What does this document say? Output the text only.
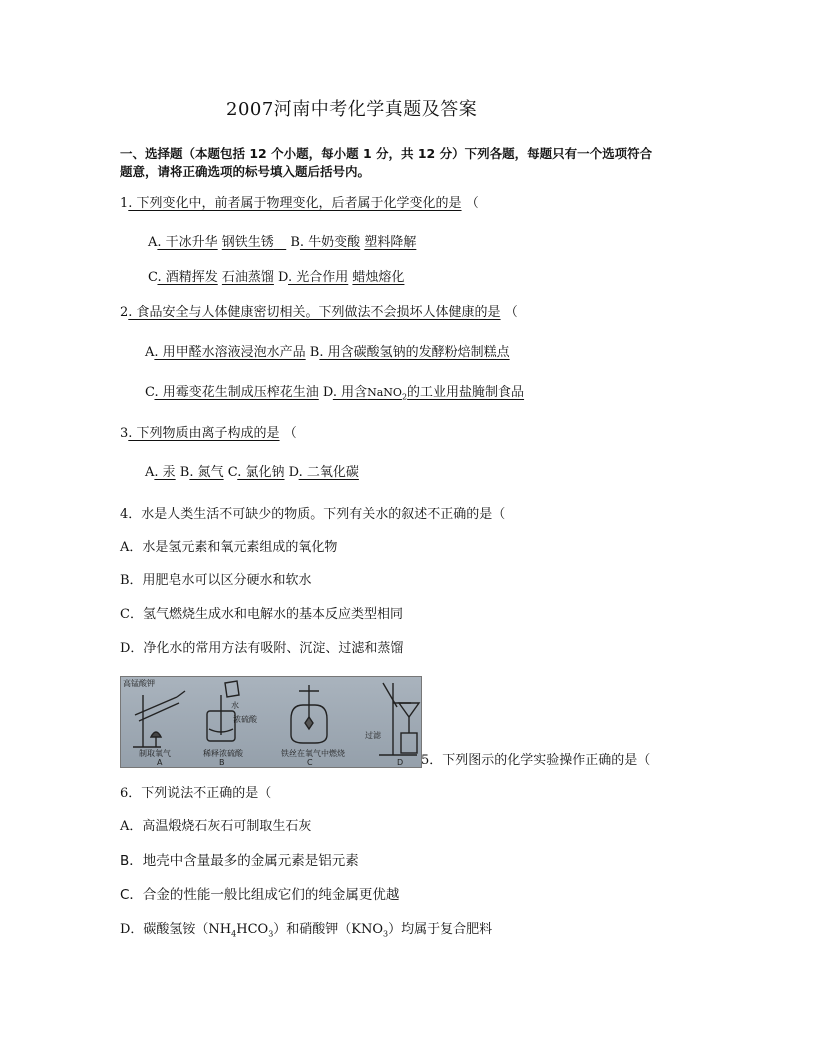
2007河南中考化学真题及答案
一、选择题（本题包括 12 个小题，每小题 1 分，共 12 分）下列各题，每题只有一个选项符合
题意，请将正确选项的标号填入题后括号内。
1. 下列变化中，前者属于物理变化，后者属于化学变化的是 （
A. 干冰升华 钢铁生锈 B. 牛奶变酸 塑料降解
C. 酒精挥发 石油蒸馏 D. 光合作用 蜡烛熔化
2. 食品安全与人体健康密切相关。下列做法不会损坏人体健康的是 （
A. 用甲醛水溶液浸泡水产品 B. 用含碳酸氢钠的发酵粉焙制糕点
C. 用霉变花生制成压榨花生油 D. 用含NaNO$_2$的工业用盐腌制食品
3. 下列物质由离子构成的是 （
A. 汞 B. 氮气 C. 氯化钠 D. 二氧化碳
4．水是人类生活不可缺少的物质。下列有关水的叙述不正确的是（
A．水是氢元素和氧元素组成的氧化物
B．用肥皂水可以区分硬水和软水
C．氢气燃烧生成水和电解水的基本反应类型相同
D．净化水的常用方法有吸附、沉淀、过滤和蒸馏
高锰酸钾
制取氧气
A
水
浓硫酸
稀释浓硫酸
B
铁丝在氧气中燃烧
C
过滤
D 5．下列图示的化学实验操作正确的是（
6．下列说法不正确的是（
A．高温煅烧石灰石可制取生石灰
B．地壳中含量最多的金属元素是铝元素
C．合金的性能一般比组成它们的纯金属更优越
D．碳酸氢铵$(NH_4HCO_3)$和硝酸钾$(KNO_3)$均属于复合肥料
